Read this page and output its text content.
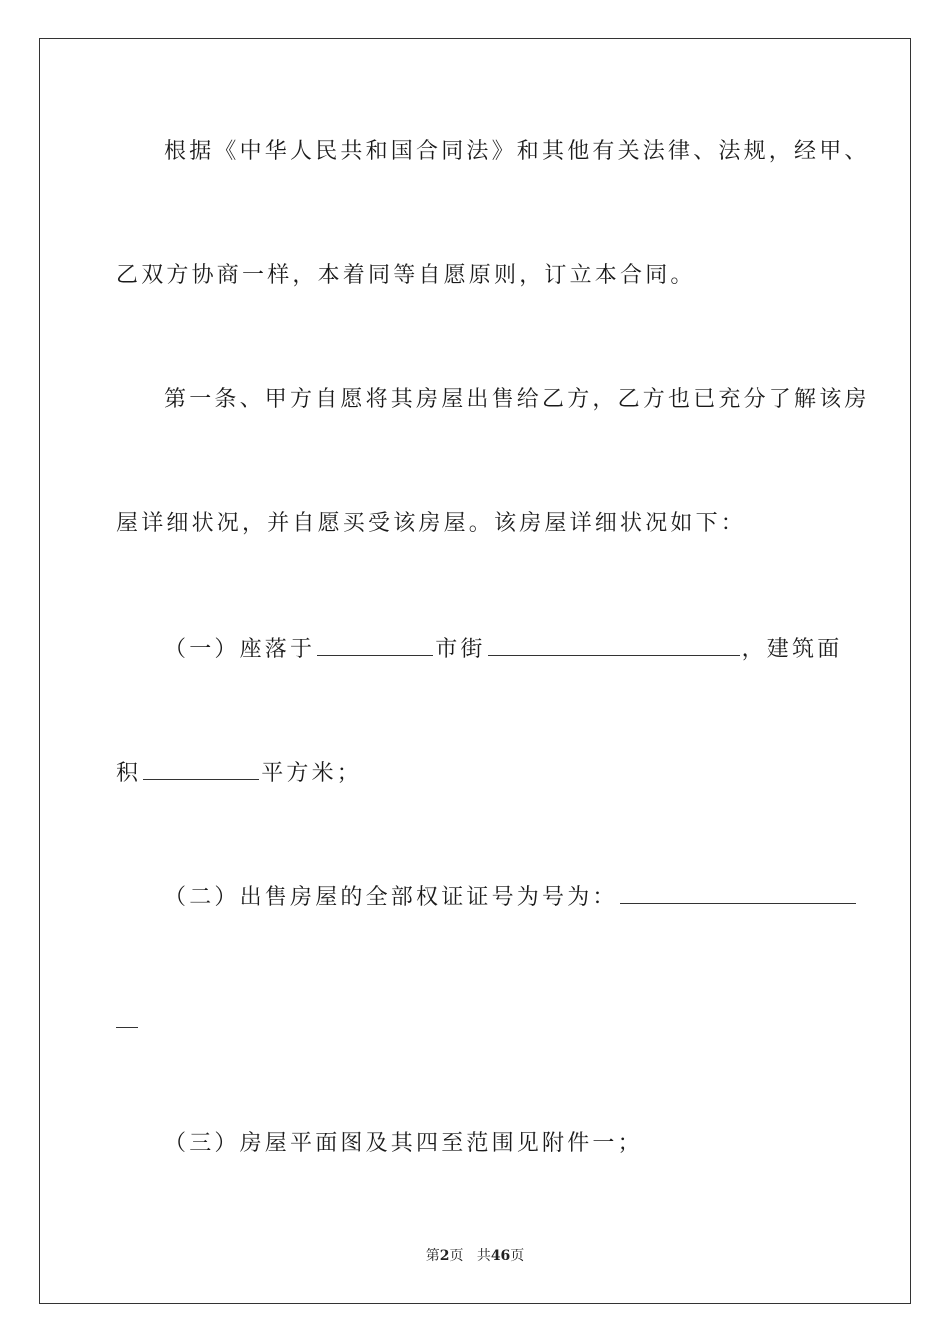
根据《中华人民共和国合同法》和其他有关法律、法规，经甲、
乙双方协商一样，本着同等自愿原则，订立本合同。
第一条、甲方自愿将其房屋出售给乙方，乙方也已充分了解该房
屋详细状况，并自愿买受该房屋。该房屋详细状况如下：
（一）座落于	市街	，建筑面
积	平方米；
（二）出售房屋的全部权证证号为号为：
（三）房屋平面图及其四至范围见附件一；
第2页 共46页
